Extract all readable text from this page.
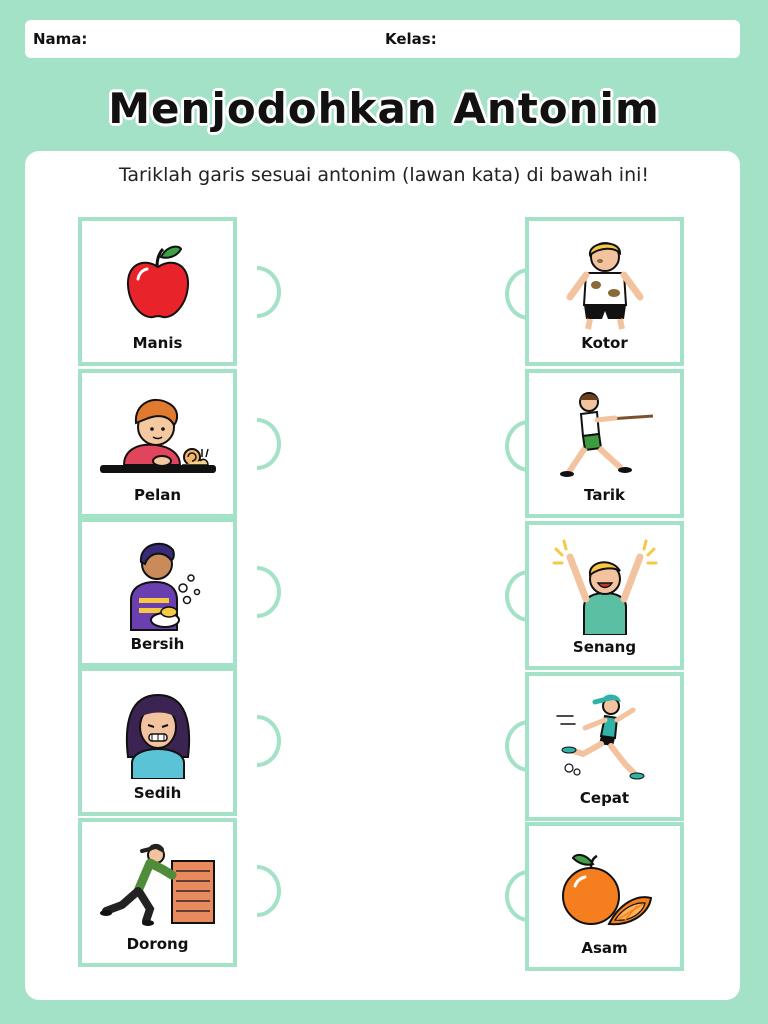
Nama:	Kelas:
Menjodohkan Antonim
Tariklah garis sesuai antonim (lawan kata) di bawah ini!
Manis
Pelan
Bersih
Sedih
Dorong
Kotor
Tarik
Senang
Cepat
Asam
